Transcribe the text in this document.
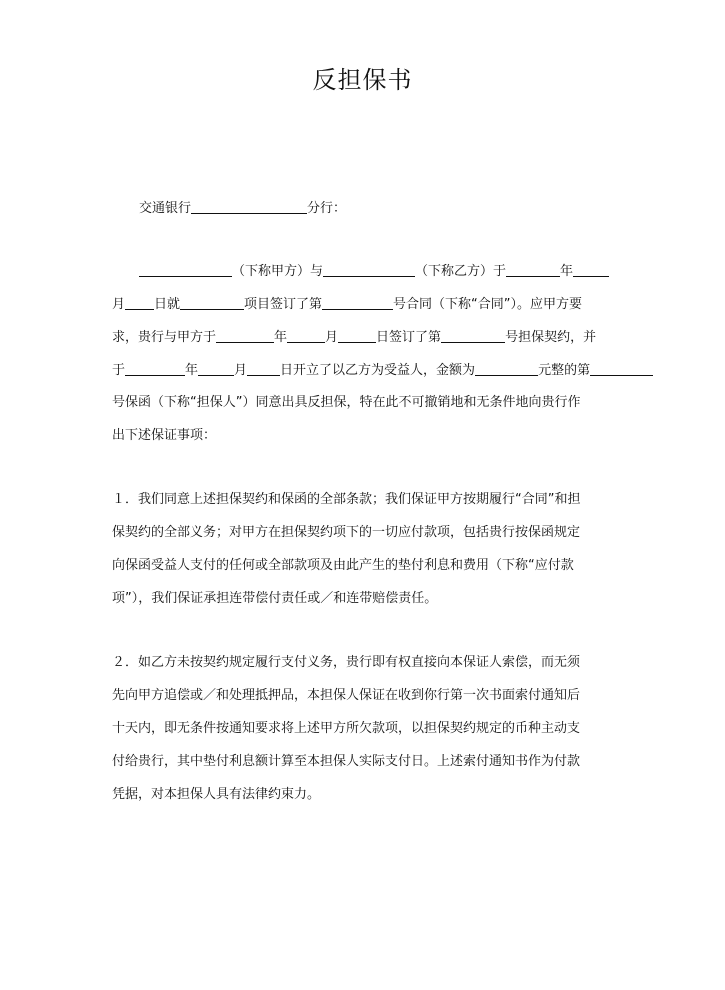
反担保书
交通银行	分行：
（下称甲方）与	（下称乙方）于	年
月 日就	项目签订了第	号合同（下称“合同”）。应甲方要
求，贵行与甲方于	年	月	日签订了第	号担保契约，并
于	年	月	日开立了以乙方为受益人，金额为	元整的第
号保函（下称“担保人”）同意出具反担保，特在此不可撤销地和无条件地向贵行作
出下述保证事项：
１．我们同意上述担保契约和保函的全部条款；我们保证甲方按期履行“合同”和担
保契约的全部义务；对甲方在担保契约项下的一切应付款项，包括贵行按保函规定
向保函受益人支付的任何或全部款项及由此产生的垫付利息和费用（下称“应付款
项”），我们保证承担连带偿付责任或／和连带赔偿责任。
２．如乙方未按契约规定履行支付义务，贵行即有权直接向本保证人索偿，而无须
先向甲方追偿或／和处理抵押品，本担保人保证在收到你行第一次书面索付通知后
十天内，即无条件按通知要求将上述甲方所欠款项，以担保契约规定的币种主动支
付给贵行，其中垫付利息额计算至本担保人实际支付日。上述索付通知书作为付款
凭据，对本担保人具有法律约束力。
